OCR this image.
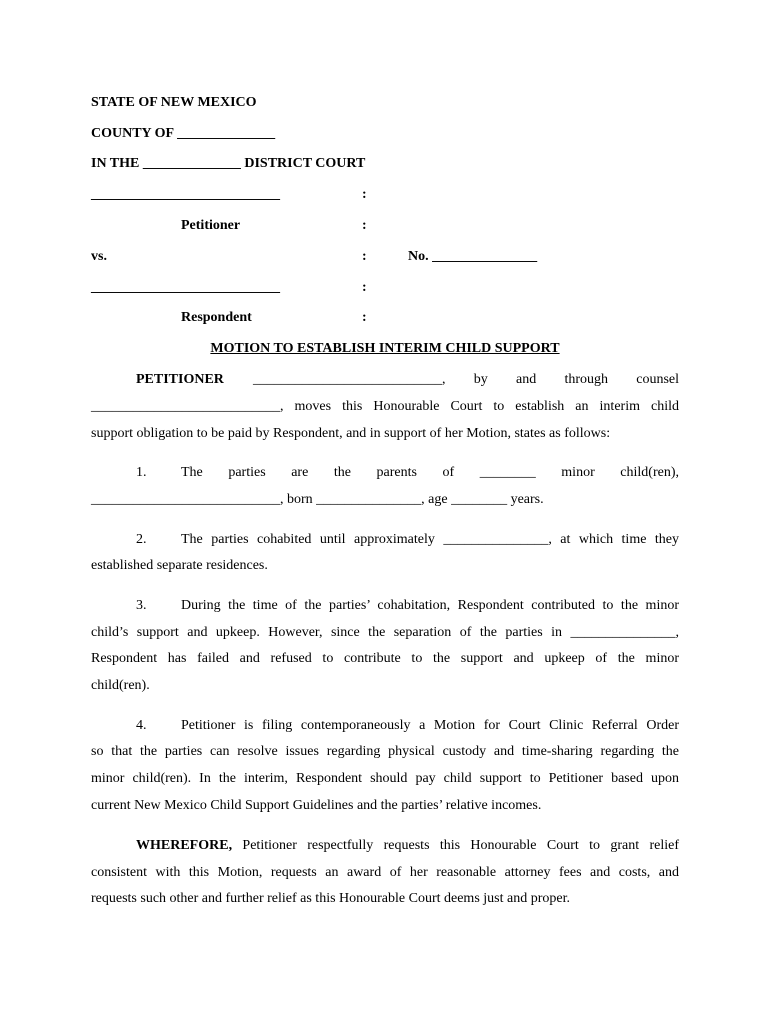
STATE OF NEW MEXICO
COUNTY OF ______________
IN THE ______________ DISTRICT COURT
___________________________	:
Petitioner	:
vs.	:	No. _______________
___________________________	:
Respondent	:
MOTION TO ESTABLISH INTERIM CHILD SUPPORT
PETITIONER ___________________________,   by   and   through   counsel
___________________________, moves this Honourable Court to establish an interim child
support obligation to be paid by Respondent, and in support of her Motion, states as follows:
1. The  parties  are  the  parents  of  ________  minor  child(ren),
___________________________, born _______________, age ________ years.
2. The parties cohabited until approximately _______________, at which time they
established separate residences.
3. During the time of the parties’ cohabitation, Respondent contributed to the minor
child’s support and upkeep. However, since the separation of the parties in _______________,
Respondent has failed and refused to contribute to the support and upkeep of the minor
child(ren).
4. Petitioner is filing contemporaneously a Motion for Court Clinic Referral Order
so that the parties can resolve issues regarding physical custody and time-sharing regarding the
minor child(ren). In the interim, Respondent should pay child support to Petitioner based upon
current New Mexico Child Support Guidelines and the parties’ relative incomes.
WHEREFORE, Petitioner respectfully requests this Honourable Court to grant relief
consistent with this Motion, requests an award of her reasonable attorney fees and costs, and
requests such other and further relief as this Honourable Court deems just and proper.
